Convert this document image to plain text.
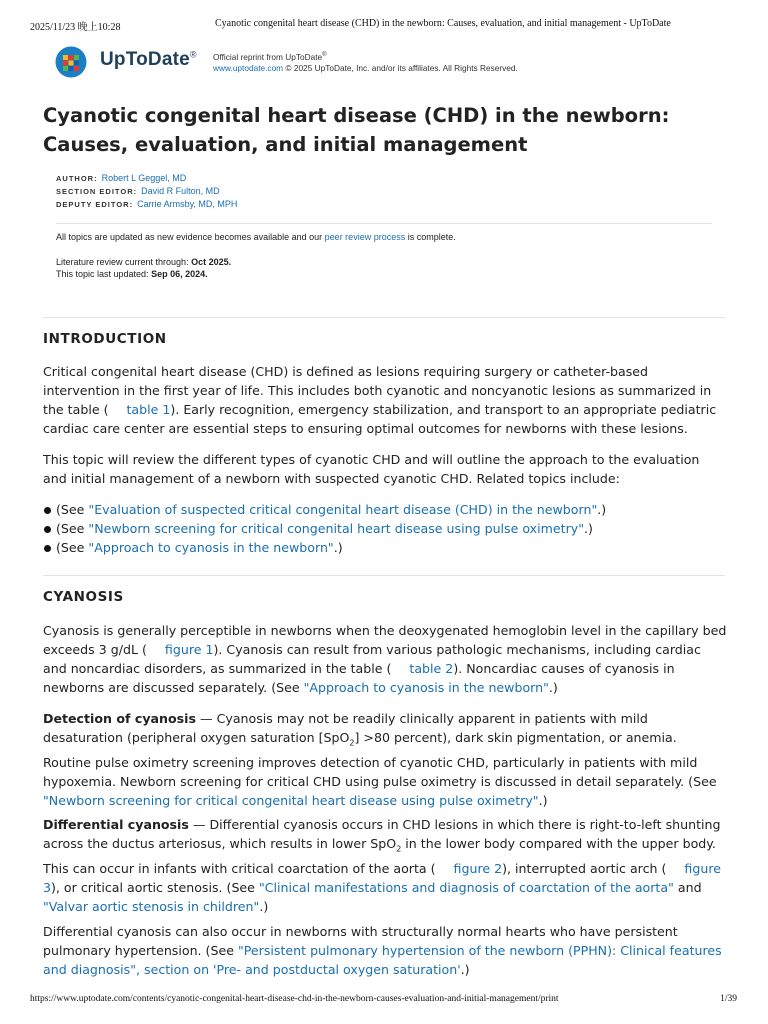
2025/11/23 晚上10:28	Cyanotic congenital heart disease (CHD) in the newborn: Causes, evaluation, and initial management - UpToDate
UpToDate® Official reprint from UpToDate®
www.uptodate.com © 2025 UpToDate, Inc. and/or its affiliates. All Rights Reserved.
Cyanotic congenital heart disease (CHD) in the newborn: Causes, evaluation, and initial management
AUTHOR: Robert L Geggel, MD
SECTION EDITOR: David R Fulton, MD
DEPUTY EDITOR: Carrie Armsby, MD, MPH
All topics are updated as new evidence becomes available and our peer review process is complete.
Literature review current through: Oct 2025.
This topic last updated: Sep 06, 2024.
INTRODUCTION

Critical congenital heart disease (CHD) is defined as lesions requiring surgery or catheter-based intervention in the first year of life. This includes both cyanotic and noncyanotic lesions as summarized in the table ( table 1). Early recognition, emergency stabilization, and transport to an appropriate pediatric cardiac care center are essential steps to ensuring optimal outcomes for newborns with these lesions.

This topic will review the different types of cyanotic CHD and will outline the approach to the evaluation and initial management of a newborn with suspected cyanotic CHD. Related topics include:

(See "Evaluation of suspected critical congenital heart disease (CHD) in the newborn".)
(See "Newborn screening for critical congenital heart disease using pulse oximetry".)
(See "Approach to cyanosis in the newborn".)
CYANOSIS

Cyanosis is generally perceptible in newborns when the deoxygenated hemoglobin level in the capillary bed exceeds 3 g/dL ( figure 1). Cyanosis can result from various pathologic mechanisms, including cardiac and noncardiac disorders, as summarized in the table ( table 2). Noncardiac causes of cyanosis in newborns are discussed separately. (See "Approach to cyanosis in the newborn".)

Detection of cyanosis — Cyanosis may not be readily clinically apparent in patients with mild desaturation (peripheral oxygen saturation [SpO$_2$] >80 percent), dark skin pigmentation, or anemia. Routine pulse oximetry screening improves detection of cyanotic CHD, particularly in patients with mild hypoxemia. Newborn screening for critical CHD using pulse oximetry is discussed in detail separately. (See "Newborn screening for critical congenital heart disease using pulse oximetry".)

Differential cyanosis — Differential cyanosis occurs in CHD lesions in which there is right-to-left shunting across the ductus arteriosus, which results in lower SpO$_2$ in the lower body compared with the upper body. This can occur in infants with critical coarctation of the aorta ( figure 2), interrupted aortic arch ( figure 3), or critical aortic stenosis. (See "Clinical manifestations and diagnosis of coarctation of the aorta" and "Valvar aortic stenosis in children".)

Differential cyanosis can also occur in newborns with structurally normal hearts who have persistent pulmonary hypertension. (See "Persistent pulmonary hypertension of the newborn (PPHN): Clinical features and diagnosis", section on 'Pre- and postductal oxygen saturation'.)

https://www.uptodate.com/contents/cyanotic-congenital-heart-disease-chd-in-the-newborn-causes-evaluation-and-initial-management/print	1/39
